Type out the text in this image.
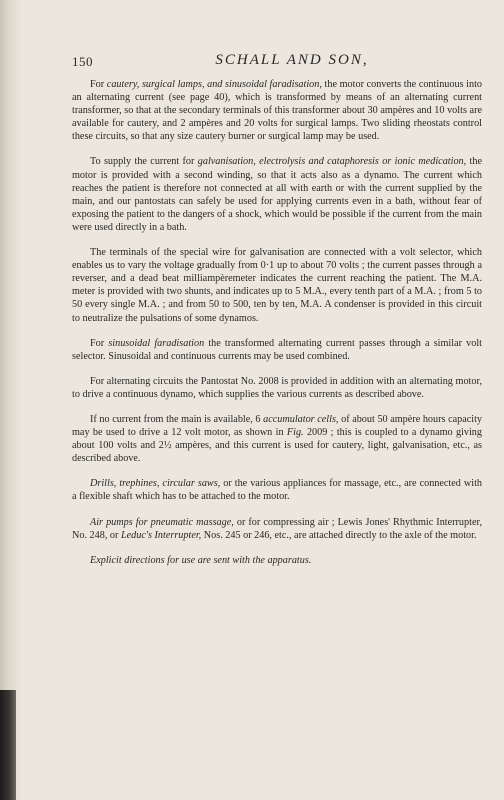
150	SCHALL AND SON,

For cautery, surgical lamps, and sinusoidal faradisation, the motor converts the continuous into an alternating current (see page 40), which is transformed by means of an alternating current transformer, so that at the secondary terminals of this transformer about 30 ampères and 10 volts are available for cautery, and 2 ampères and 20 volts for surgical lamps. Two sliding rheostats control these circuits, so that any size cautery burner or surgical lamp may be used.

To supply the current for galvanisation, electrolysis and cataphoresis or ionic medication, the motor is provided with a second winding, so that it acts also as a dynamo. The current which reaches the patient is therefore not connected at all with earth or with the current supplied by the main, and our pantostats can safely be used for applying currents even in a bath, without fear of exposing the patient to the dangers of a shock, which would be possible if the current from the main were used directly in a bath.

The terminals of the special wire for galvanisation are connected with a volt selector, which enables us to vary the voltage gradually from 0·1 up to about 70 volts ; the current passes through a reverser, and a dead beat milliampèremeter indicates the current reaching the patient. The M.A. meter is provided with two shunts, and indicates up to 5 M.A., every tenth part of a M.A. ; from 5 to 50 every single M.A. ; and from 50 to 500, ten by ten, M.A. A condenser is provided in this circuit to neutralize the pulsations of some dynamos.

For sinusoidal faradisation the transformed alternating current passes through a similar volt selector. Sinusoidal and continuous currents may be used combined.

For alternating circuits the Pantostat No. 2008 is provided in addition with an alternating motor, to drive a continuous dynamo, which supplies the various currents as described above.

If no current from the main is available, 6 accumulator cells, of about 50 ampère hours capacity may be used to drive a 12 volt motor, as shown in Fig. 2009 ; this is coupled to a dynamo giving about 100 volts and 2½ ampères, and this current is used for cautery, light, galvanisation, etc., as described above.

Drills, trephines, circular saws, or the various appliances for massage, etc., are connected with a flexible shaft which has to be attached to the motor.

Air pumps for pneumatic massage, or for compressing air ; Lewis Jones' Rhythmic Interrupter, No. 248, or Leduc's Interrupter, Nos. 245 or 246, etc., are attached directly to the axle of the motor.

Explicit directions for use are sent with the apparatus.
